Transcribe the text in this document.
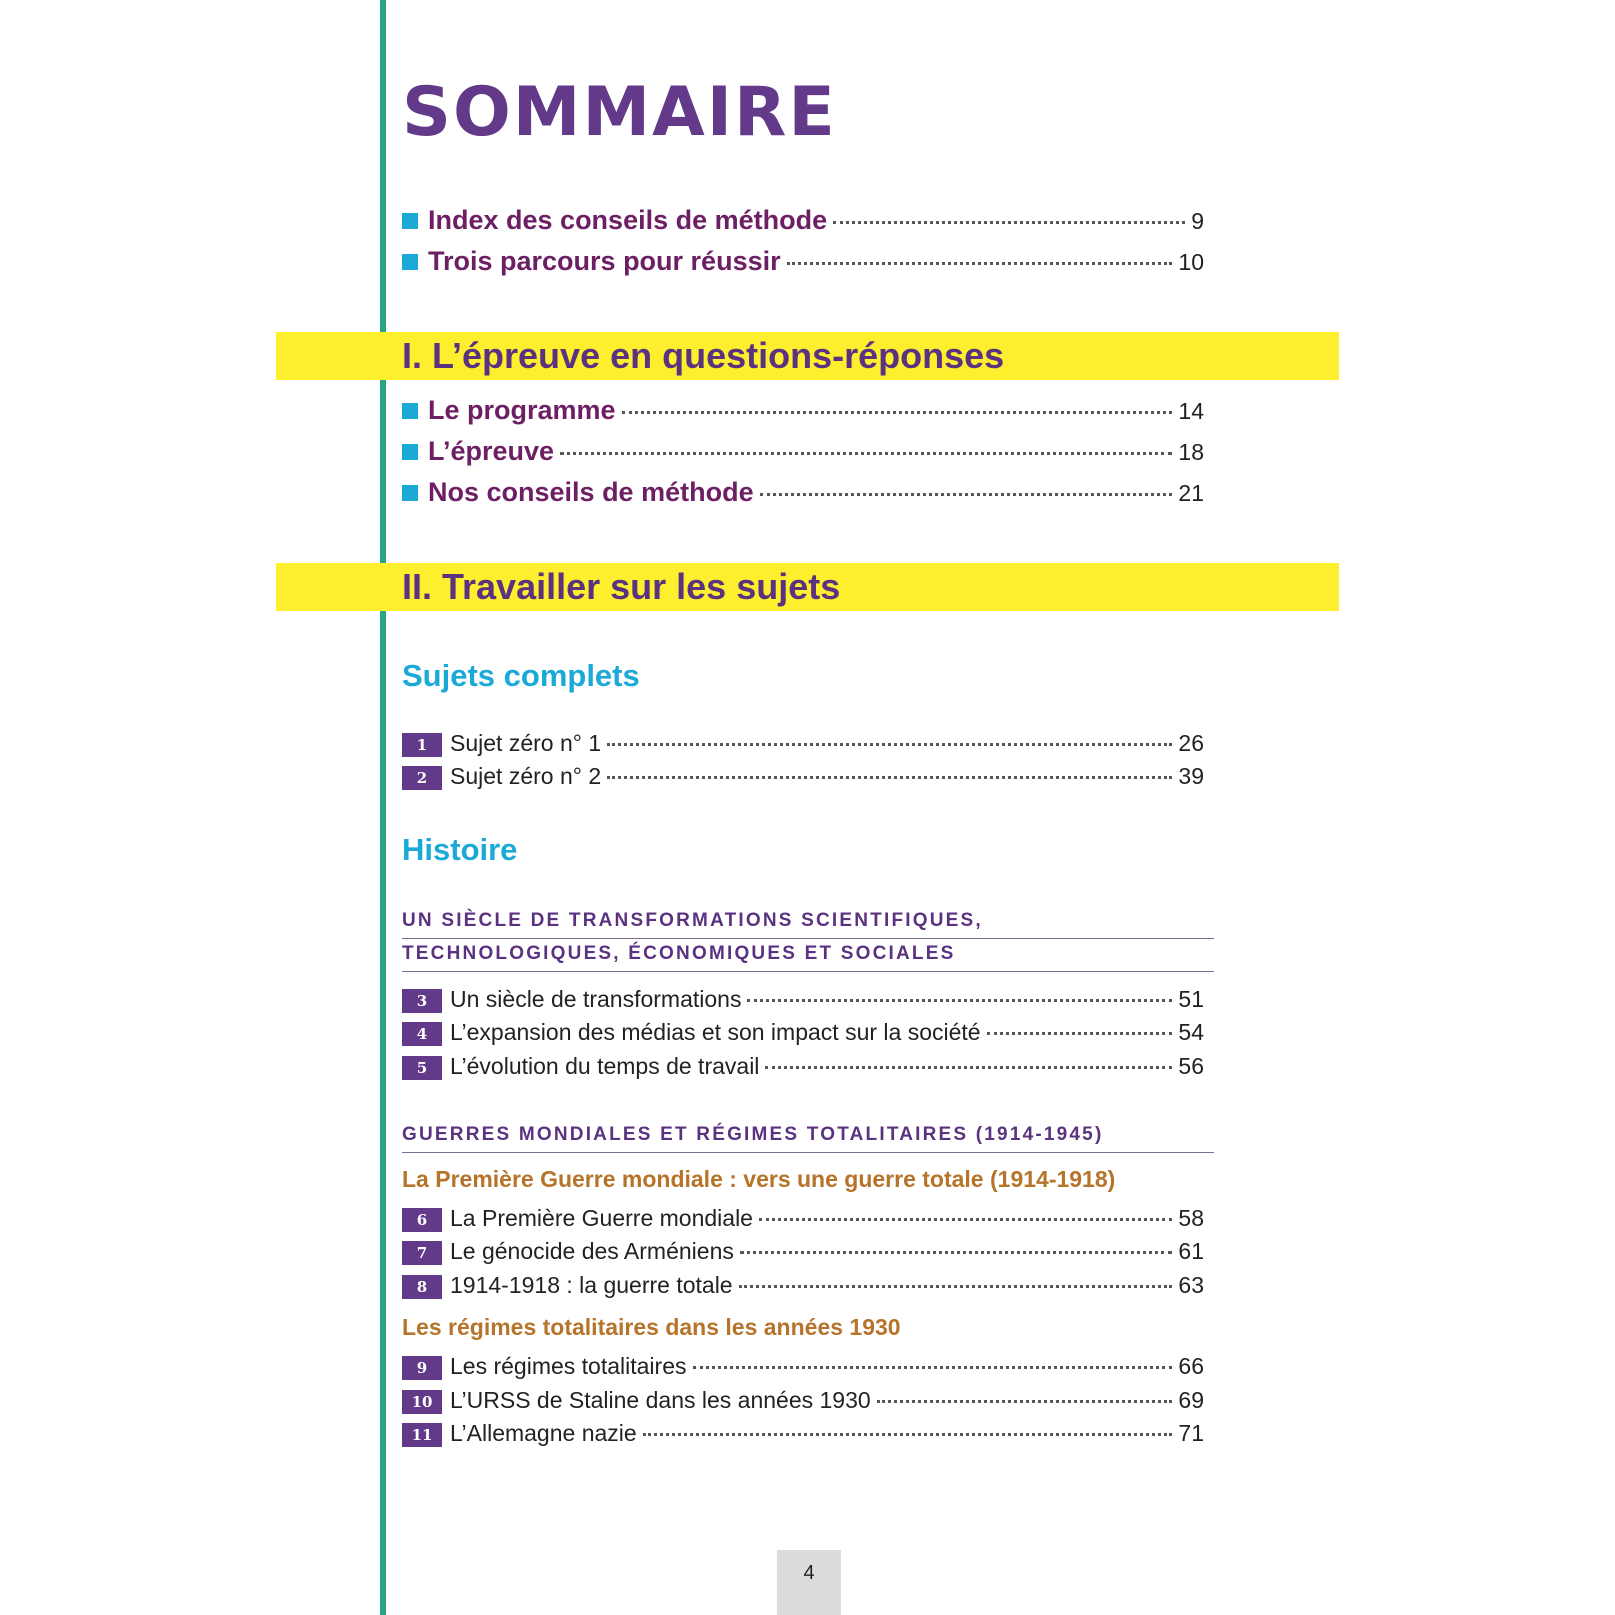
SOMMAIRE
Index des conseils de méthode	9
Trois parcours pour réussir	10
I. L’épreuve en questions-réponses
Le programme	14
L’épreuve	18
Nos conseils de méthode	21
II. Travailler sur les sujets
Sujets complets
1 Sujet zéro n° 1	26
2 Sujet zéro n° 2	39
Histoire
UN SIÈCLE DE TRANSFORMATIONS SCIENTIFIQUES,
TECHNOLOGIQUES, ÉCONOMIQUES ET SOCIALES
3 Un siècle de transformations	51
4 L’expansion des médias et son impact sur la société	54
5 L’évolution du temps de travail	56
GUERRES MONDIALES ET RÉGIMES TOTALITAIRES (1914-1945)
La Première Guerre mondiale : vers une guerre totale (1914-1918)
6 La Première Guerre mondiale	58
7 Le génocide des Arméniens	61
8 1914-1918 : la guerre totale	63
Les régimes totalitaires dans les années 1930
9 Les régimes totalitaires	66
10 L’URSS de Staline dans les années 1930	69
11 L’Allemagne nazie	71
4
